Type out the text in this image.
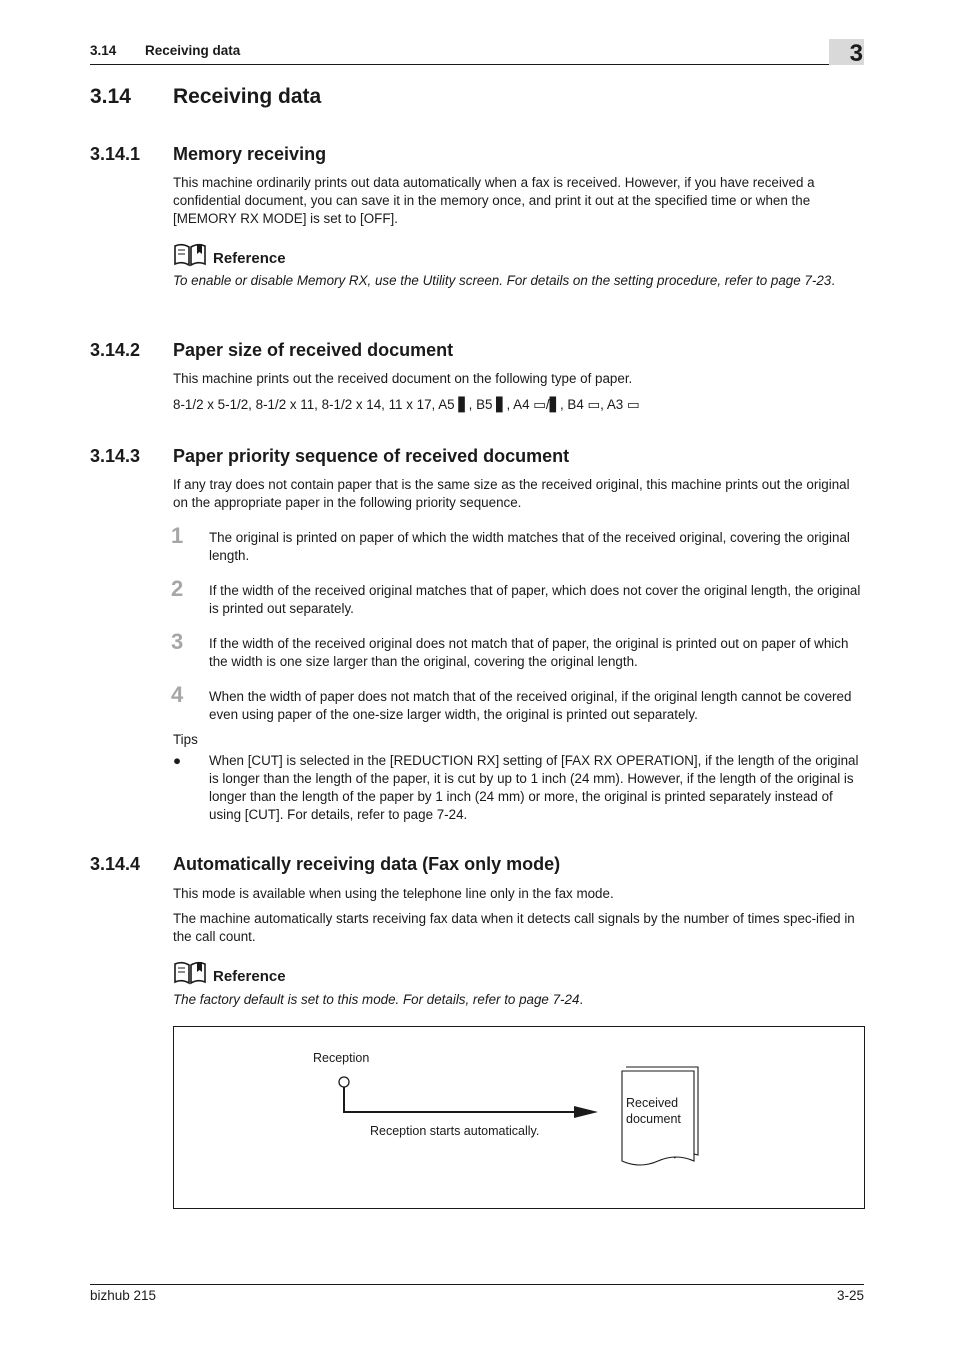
3.14 Receiving data	3
3.14 Receiving data
3.14.1 Memory receiving
This machine ordinarily prints out data automatically when a fax is received. However, if you have received a confidential document, you can save it in the memory once, and print it out at the specified time or when the [MEMORY RX MODE] is set to [OFF].
Reference
To enable or disable Memory RX, use the Utility screen. For details on the setting procedure, refer to page 7-23.
3.14.2 Paper size of received document
This machine prints out the received document on the following type of paper.
8-1/2 x 5-1/2, 8-1/2 x 11, 8-1/2 x 14, 11 x 17, A5 ▋, B5 ▋, A4 ▭/▋, B4 ▭, A3 ▭
3.14.3 Paper priority sequence of received document
If any tray does not contain paper that is the same size as the received original, this machine prints out the original on the appropriate paper in the following priority sequence.
1 The original is printed on paper of which the width matches that of the received original, covering the original length.
2 If the width of the received original matches that of paper, which does not cover the original length, the original is printed out separately.
3 If the width of the received original does not match that of paper, the original is printed out on paper of which the width is one size larger than the original, covering the original length.
4 When the width of paper does not match that of the received original, if the original length cannot be covered even using paper of the one-size larger width, the original is printed out separately.
Tips
● When [CUT] is selected in the [REDUCTION RX] setting of [FAX RX OPERATION], if the length of the original is longer than the length of the paper, it is cut by up to 1 inch (24 mm). However, if the length of the original is longer than the length of the paper by 1 inch (24 mm) or more, the original is printed separately instead of using [CUT]. For details, refer to page 7-24.
3.14.4 Automatically receiving data (Fax only mode)
This mode is available when using the telephone line only in the fax mode.
The machine automatically starts receiving fax data when it detects call signals by the number of times spec-ified in the call count.
Reference
The factory default is set to this mode. For details, refer to page 7-24.
Reception
Reception starts automatically.
Received
document
bizhub 215	3-25
